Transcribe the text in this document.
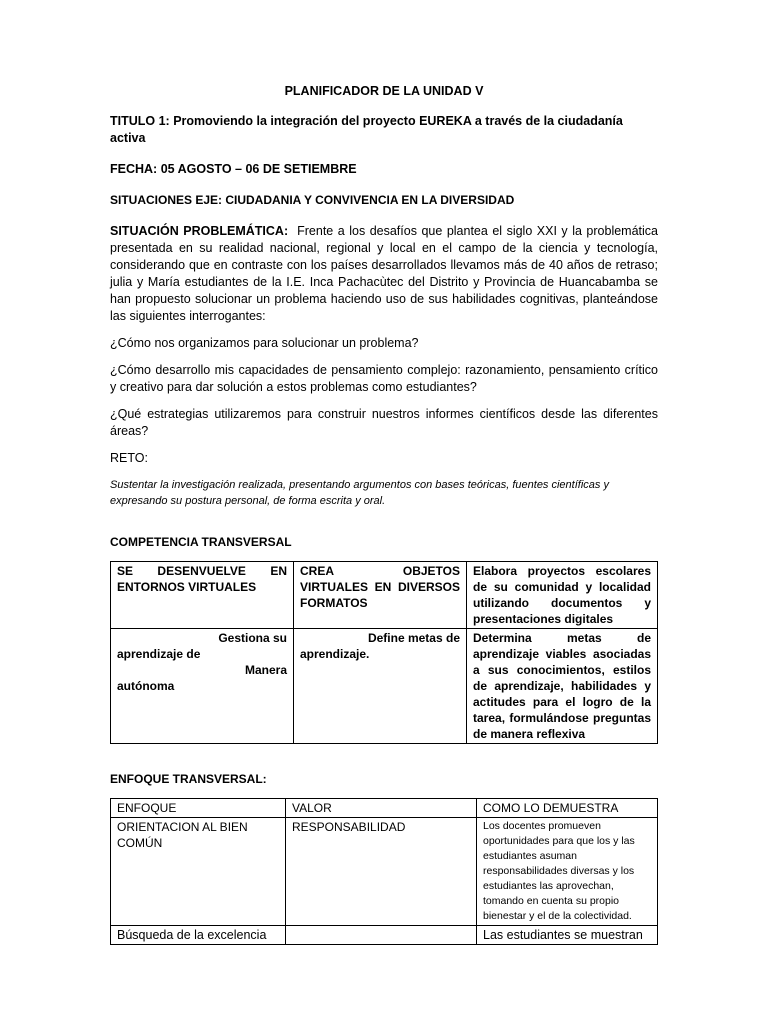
PLANIFICADOR DE LA UNIDAD V

TITULO 1: Promoviendo la integración del proyecto EUREKA a través de la ciudadanía activa

FECHA: 05 AGOSTO – 06 DE SETIEMBRE

SITUACIONES EJE: CIUDADANIA Y CONVIVENCIA EN LA DIVERSIDAD

SITUACIÓN PROBLEMÁTICA: Frente a los desafíos que plantea el siglo XXI y la problemática presentada en su realidad nacional, regional y local en el campo de la ciencia y tecnología, considerando que en contraste con los países desarrollados llevamos más de 40 años de retraso; julia y María estudiantes de la I.E. Inca Pachacùtec del Distrito y Provincia de Huancabamba se han propuesto solucionar un problema haciendo uso de sus habilidades cognitivas, planteándose las siguientes interrogantes:

¿Cómo nos organizamos para solucionar un problema?

¿Cómo desarrollo mis capacidades de pensamiento complejo: razonamiento, pensamiento crítico y creativo para dar solución a estos problemas como estudiantes?

¿Qué estrategias utilizaremos para construir nuestros informes científicos desde las diferentes áreas?

RETO:

Sustentar la investigación realizada, presentando argumentos con bases teóricas, fuentes científicas y expresando su postura personal, de forma escrita y oral.

COMPETENCIA TRANSVERSAL

SE DESENVUELVE EN ENTORNOS VIRTUALES	CREA OBJETOS VIRTUALES EN DIVERSOS FORMATOS	Elabora proyectos escolares de su comunidad y localidad utilizando documentos y presentaciones digitales

Gestiona su
aprendizaje de
Manera
autónoma	Define metas de
aprendizaje.	Determina metas de aprendizaje viables asociadas a sus conocimientos, estilos de aprendizaje, habilidades y actitudes para el logro de la tarea, formulándose preguntas de manera reflexiva

ENFOQUE TRANSVERSAL:

ENFOQUE	VALOR	COMO LO DEMUESTRA
ORIENTACION AL BIEN COMÚN	RESPONSABILIDAD	Los docentes promueven oportunidades para que los y las estudiantes asuman responsabilidades diversas y los estudiantes las aprovechan, tomando en cuenta su propio bienestar y el de la colectividad.
Búsqueda de la excelencia		Las estudiantes se muestran
